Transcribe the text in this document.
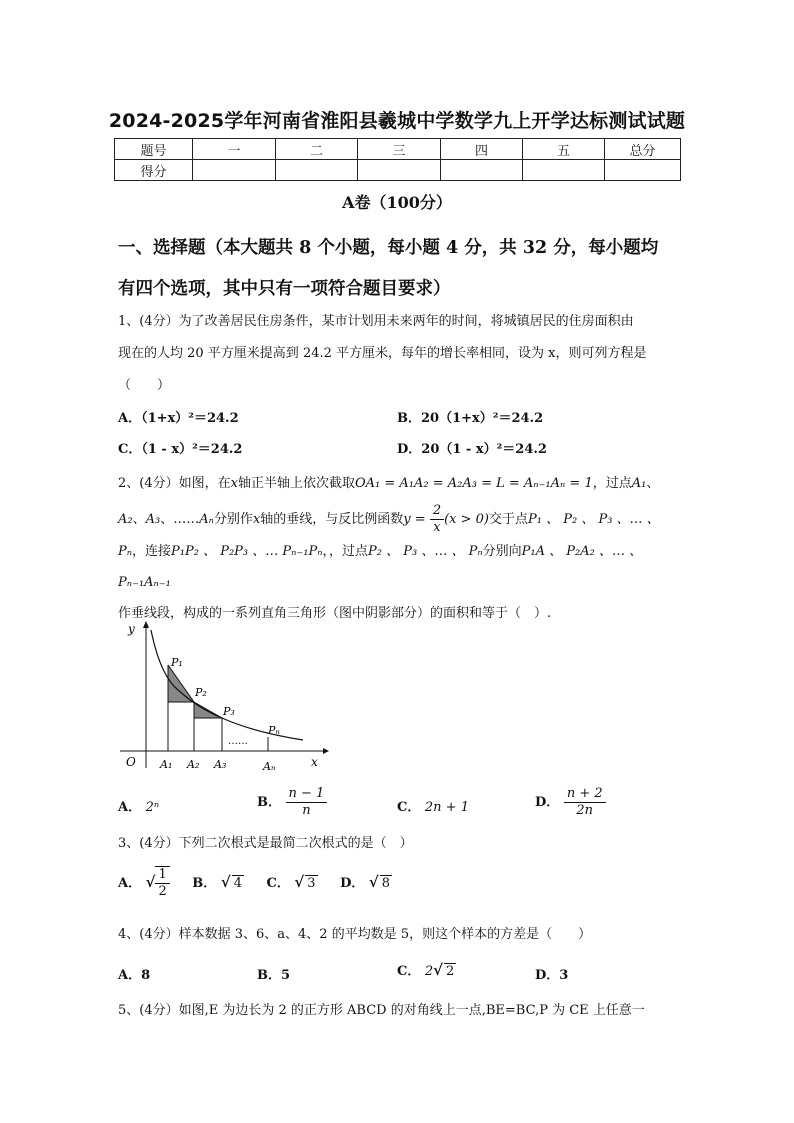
2024-2025学年河南省淮阳县羲城中学数学九上开学达标测试试题
题号	一	二	三	四	五	总分
得分						
A卷（100分）
一、选择题（本大题共 8 个小题，每小题 4 分，共 32 分，每小题均
有四个选项，其中只有一项符合题目要求）
1、(4分）为了改善居民住房条件，某市计划用未来两年的时间，将城镇居民的住房面积由
现在的人均 20 平方厘米提高到 24.2 平方厘米，每年的增长率相同，设为 x，则可列方程是
（　　）
A．（1+x）²＝24.2	B．20（1+x）²＝24.2
C．（1 - x）²＝24.2	D．20（1 - x）²＝24.2
2、(4分）如图，在x轴正半轴上依次截取OA₁ = A₁A₂ = A₂A₃ = L = Aₙ₋₁Aₙ = 1，过点A₁、
A₂、A₃、……Aₙ分别作x轴的垂线，与反比例函数$y = \frac{2}{x} (x > 0)$交于点P₁ 、 P₂ 、 P₃ 、… 、
Pₙ，连接P₁P₂ 、 P₂P₃ 、… Pₙ₋₁Pₙ，，过点P₂ 、 P₃ 、… 、 Pₙ分别向P₁A 、 P₂A₂ 、… 、 Pₙ₋₁Aₙ₋₁
作垂线段，构成的一系列直角三角形（图中阴影部分）的面积和等于（　）.
y
x
O
P₁
P₂
P₃
Pₙ
……
A₁ A₂ A₃	Aₙ
A． 2ⁿ	B． $\frac{n - 1}{n}$	C． 2n + 1	D． $\frac{n + 2}{2n}$
3、(4分）下列二次根式是最简二次根式的是（　）
A． √ $\frac{1}{2}$ B． √ 4 C． √ 3 D． √ 8
4、(4分）样本数据 3、6、a、4、2 的平均数是 5，则这个样本的方差是（　　）
A．8	B．5	C． 2√ 2	D．3
5、(4分）如图,E 为边长为 2 的正方形 ABCD 的对角线上一点,BE=BC,P 为 CE 上任意一
